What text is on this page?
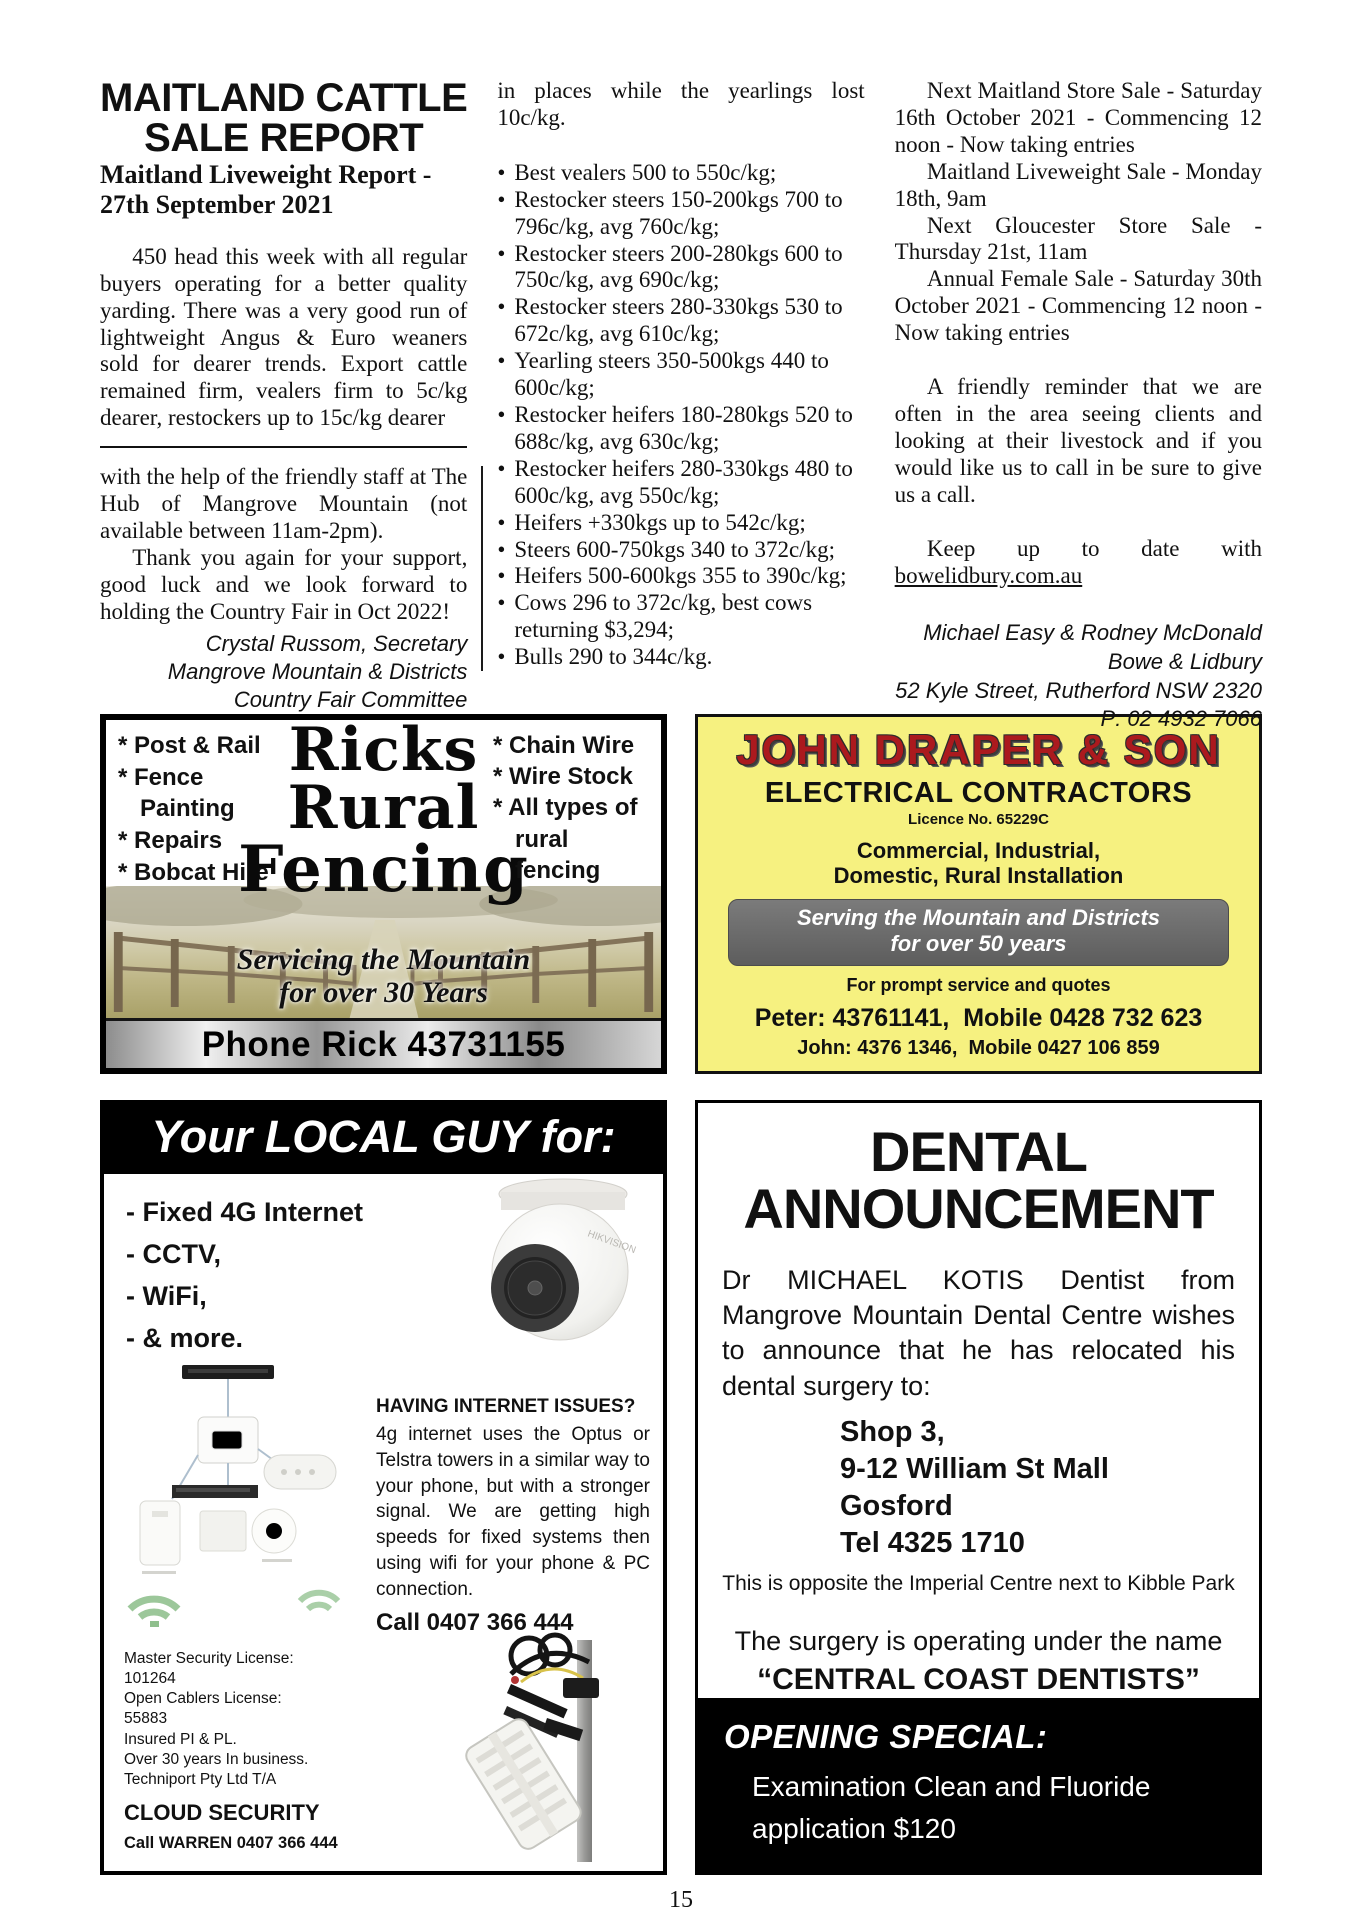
MAITLAND CATTLE
SALE REPORT
Maitland Liveweight Report - 27th September 2021

450 head this week with all regular buyers operating for a better quality yarding. There was a very good run of lightweight Angus & Euro weaners sold for dearer trends. Export cattle remained firm, vealers firm to 5c/kg dearer, restockers up to 15c/kg dearer

with the help of the friendly staff at The Hub of Mangrove Mountain (not available between 11am-2pm).

Thank you again for your support, good luck and we look forward to holding the Country Fair in Oct 2022!

Crystal Russom, Secretary
Mangrove Mountain & Districts Country Fair Committee

in places while the yearlings lost 10c/kg.

• Best vealers 500 to 550c/kg;
• Restocker steers 150-200kgs 700 to 796c/kg, avg 760c/kg;
• Restocker steers 200-280kgs 600 to 750c/kg, avg 690c/kg;
• Restocker steers 280-330kgs 530 to 672c/kg, avg 610c/kg;
• Yearling steers 350-500kgs 440 to 600c/kg;
• Restocker heifers 180-280kgs 520 to 688c/kg, avg 630c/kg;
• Restocker heifers 280-330kgs 480 to 600c/kg, avg 550c/kg;
• Heifers +330kgs up to 542c/kg;
• Steers 600-750kgs 340 to 372c/kg;
• Heifers 500-600kgs 355 to 390c/kg;
• Cows 296 to 372c/kg, best cows returning $3,294;
• Bulls 290 to 344c/kg.

Next Maitland Store Sale - Saturday 16th October 2021 - Commencing 12 noon - Now taking entries

Maitland Liveweight Sale - Monday 18th, 9am

Next Gloucester Store Sale - Thursday 21st, 11am

Annual Female Sale - Saturday 30th October 2021 - Commencing 12 noon - Now taking entries

A friendly reminder that we are often in the area seeing clients and looking at their livestock and if you would like us to call in be sure to give us a call.

Keep up to date with bowelidbury.com.au

Michael Easy & Rodney McDonald
Bowe & Lidbury
52 Kyle Street, Rutherford NSW 2320
P: 02 4932 7066
* Post & Rail
* Fence Painting
* Repairs
* Bobcat Hire
Ricks
Rural
Fencing
* Chain Wire
* Wire Stock
* All types of rural fencing
Servicing the Mountain
for over 30 Years
Phone Rick 43731155
JOHN DRAPER & SON
ELECTRICAL CONTRACTORS
Licence No. 65229C
Commercial, Industrial,
Domestic, Rural Installation
Serving the Mountain and Districts
for over 50 years
For prompt service and quotes
Peter: 43761141,  Mobile 0428 732 623
John: 4376 1346,  Mobile 0427 106 859
Your LOCAL GUY for:
- Fixed 4G Internet
- CCTV,
- WiFi,
- & more.
HIKVISION
HAVING INTERNET ISSUES?
4g internet uses the Optus or Telstra towers in a similar way to your phone, but with a stronger signal. We are getting high speeds for fixed systems then using wifi for your phone & PC connection.
Call 0407 366 444
Master Security License:
101264
Open Cablers License:
55883
Insured PI & PL.
Over 30 years In business.
Techniport Pty Ltd T/A
CLOUD SECURITY
Call WARREN 0407 366 444
DENTAL
ANNOUNCEMENT
Dr MICHAEL KOTIS Dentist from Mangrove Mountain Dental Centre wishes to announce that he has relocated his dental surgery to:
Shop 3,
9-12 William St Mall
Gosford
Tel 4325 1710
This is opposite the Imperial Centre next to Kibble Park
The surgery is operating under the name
“CENTRAL COAST DENTISTS”
OPENING SPECIAL:
Examination Clean and Fluoride application $120
15
